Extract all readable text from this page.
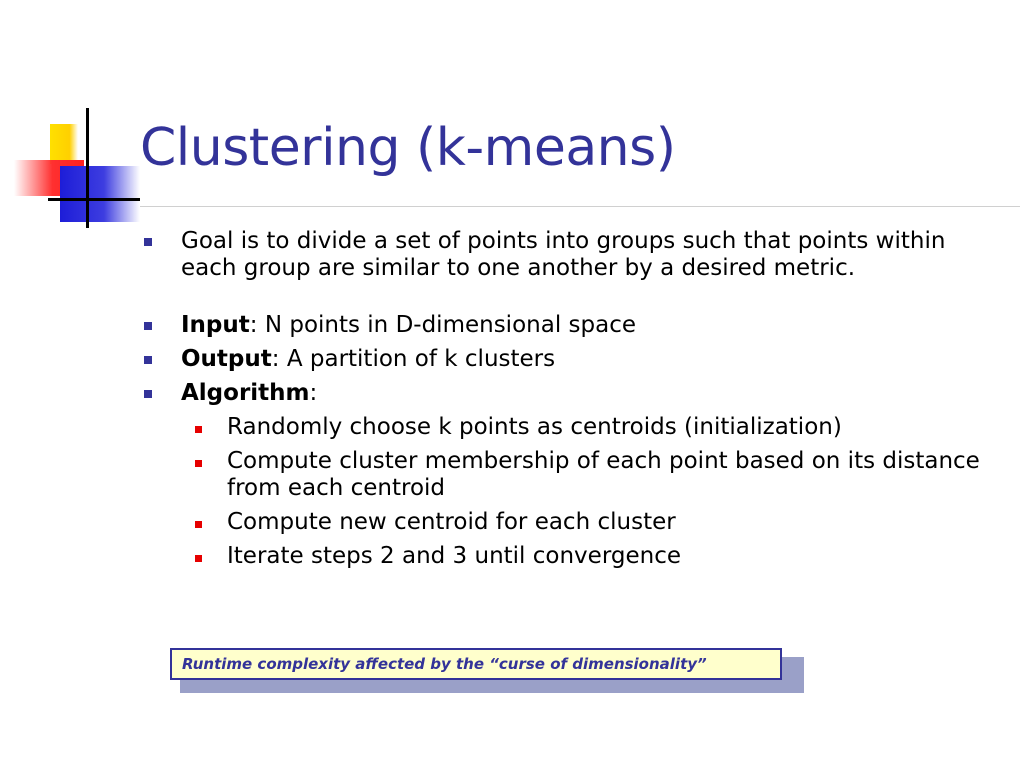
Clustering (k-means)
Goal is to divide a set of points into groups such that points within each group are similar to one another by a desired metric.
Input: N points in D-dimensional space
Output: A partition of k clusters
Algorithm:
Randomly choose k points as centroids (initialization)
Compute cluster membership of each point based on its distance from each centroid
Compute new centroid for each cluster
Iterate steps 2 and 3 until convergence
Runtime complexity affected by the “curse of dimensionality”
